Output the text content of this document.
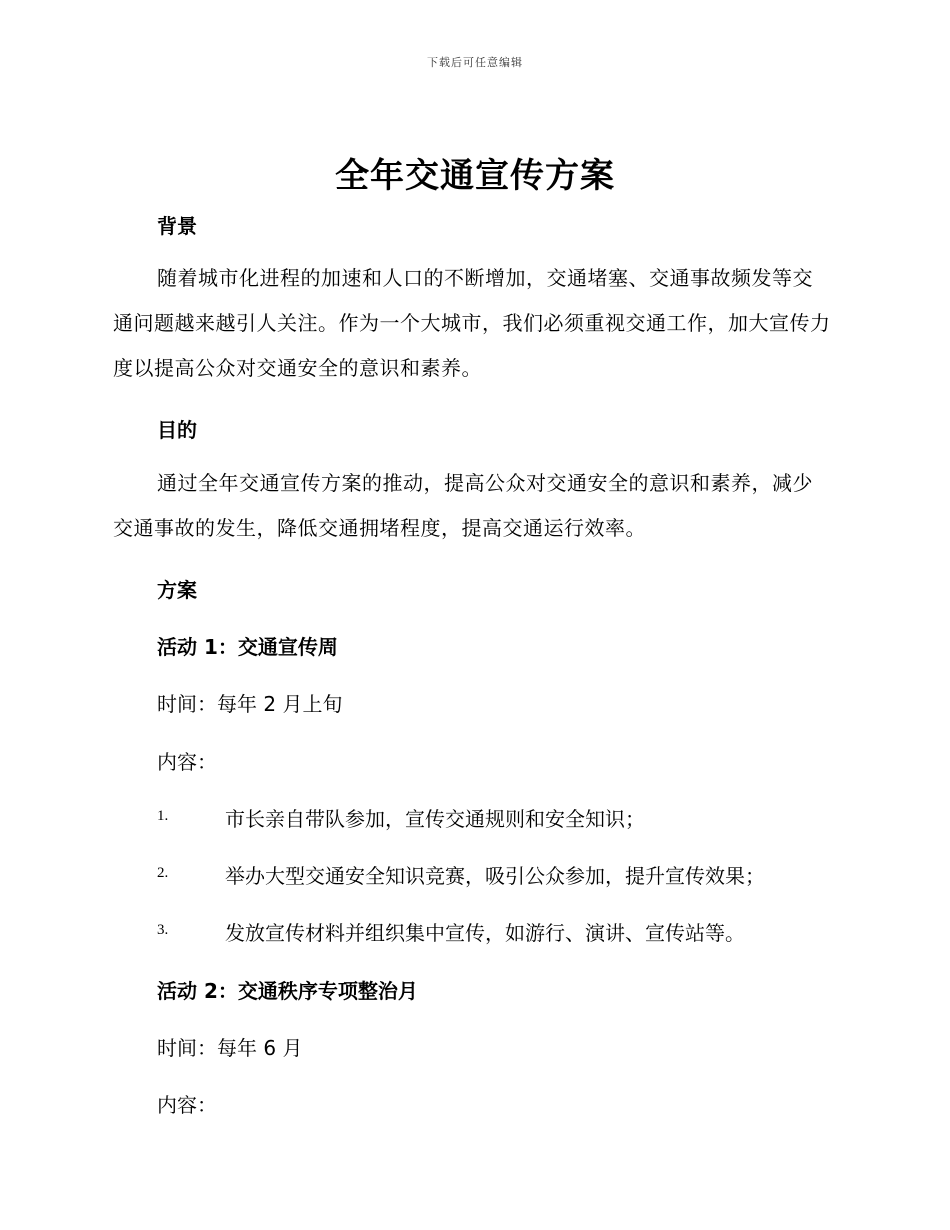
下载后可任意编辑
全年交通宣传方案
背景
随着城市化进程的加速和人口的不断增加，交通堵塞、交通事故频发等交通问题越来越引人关注。作为一个大城市，我们必须重视交通工作，加大宣传力度以提高公众对交通安全的意识和素养。
目的
通过全年交通宣传方案的推动，提高公众对交通安全的意识和素养，减少交通事故的发生，降低交通拥堵程度，提高交通运行效率。
方案
活动 1：交通宣传周
时间：每年 2 月上旬
内容：
1.	市长亲自带队参加，宣传交通规则和安全知识；
2.	举办大型交通安全知识竞赛，吸引公众参加，提升宣传效果；
3.	发放宣传材料并组织集中宣传，如游行、演讲、宣传站等。
活动 2：交通秩序专项整治月
时间：每年 6 月
内容：
